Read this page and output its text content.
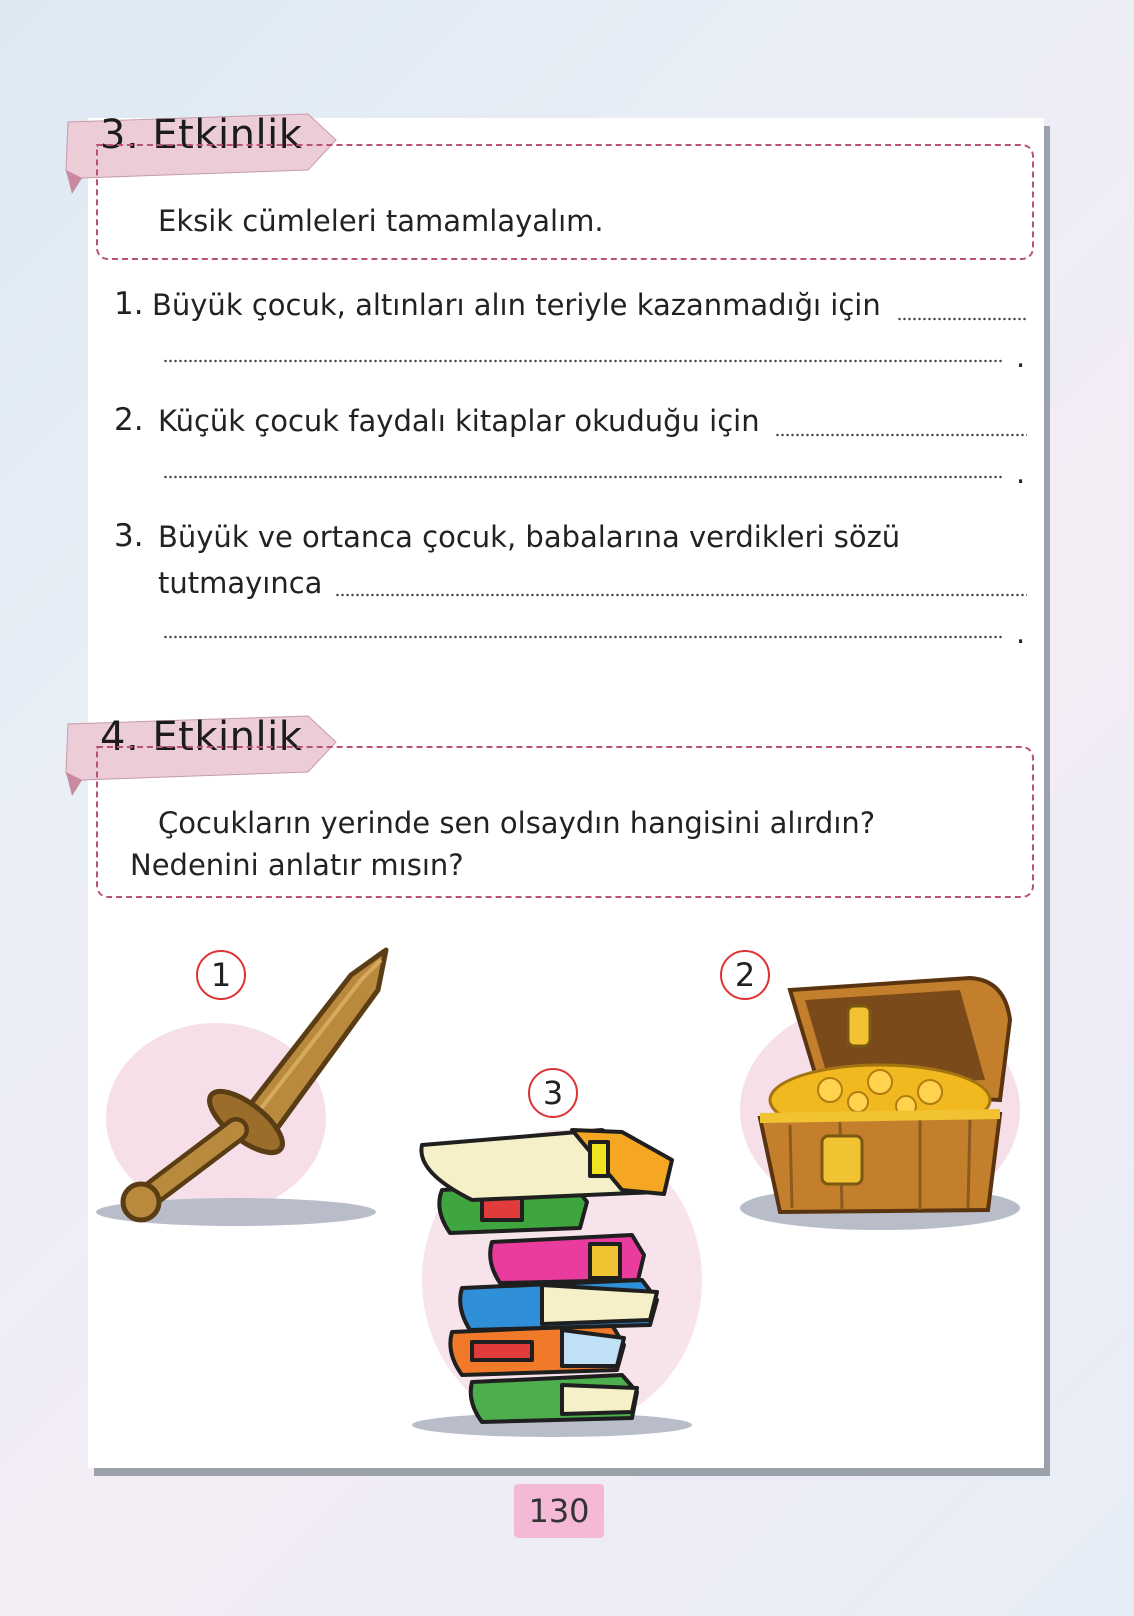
3. Etkinlik
Eksik cümleleri tamamlayalım.
1. Büyük çocuk, altınları alın teriyle kazanmadığı için
.
2. Küçük çocuk faydalı kitaplar okuduğu için
.
3. Büyük ve ortanca çocuk, babalarına verdikleri sözü
tutmayınca
.
4. Etkinlik
Çocukların yerinde sen olsaydın hangisini alırdın?
Nedenini anlatır mısın?
1	2
3
130
